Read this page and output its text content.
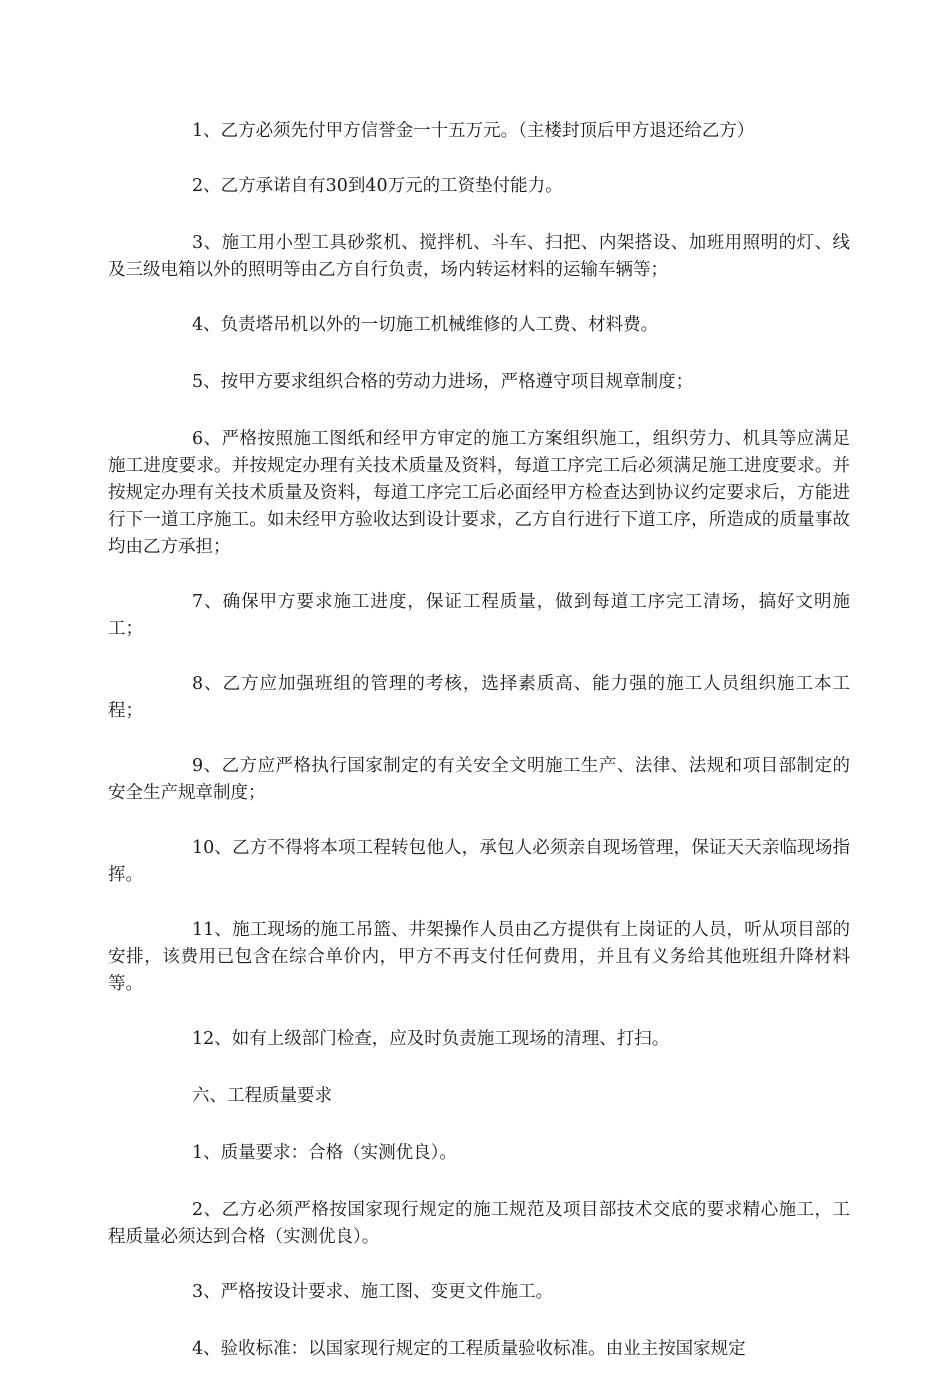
1、乙方必须先付甲方信誉金一十五万元。（主楼封顶后甲方退还给乙方）

2、乙方承诺自有30到40万元的工资垫付能力。

3、施工用小型工具砂浆机、搅拌机、斗车、扫把、内架搭设、加班用照明的灯、线及三级电箱以外的照明等由乙方自行负责，场内转运材料的运输车辆等；

4、负责塔吊机以外的一切施工机械维修的人工费、材料费。

5、按甲方要求组织合格的劳动力进场，严格遵守项目规章制度；

6、严格按照施工图纸和经甲方审定的施工方案组织施工，组织劳力、机具等应满足施工进度要求。并按规定办理有关技术质量及资料，每道工序完工后必须满足施工进度要求。并按规定办理有关技术质量及资料，每道工序完工后必面经甲方检查达到协议约定要求后，方能进行下一道工序施工。如未经甲方验收达到设计要求，乙方自行进行下道工序，所造成的质量事故均由乙方承担；

7、确保甲方要求施工进度，保证工程质量，做到每道工序完工清场，搞好文明施工；

8、乙方应加强班组的管理的考核，选择素质高、能力强的施工人员组织施工本工程；

9、乙方应严格执行国家制定的有关安全文明施工生产、法律、法规和项目部制定的安全生产规章制度；

10、乙方不得将本项工程转包他人，承包人必须亲自现场管理，保证天天亲临现场指挥。

11、施工现场的施工吊篮、井架操作人员由乙方提供有上岗证的人员，听从项目部的安排，该费用已包含在综合单价内，甲方不再支付任何费用，并且有义务给其他班组升降材料等。

12、如有上级部门检查，应及时负责施工现场的清理、打扫。

六、工程质量要求

1、质量要求：合格（实测优良）。

2、乙方必须严格按国家现行规定的施工规范及项目部技术交底的要求精心施工，工程质量必须达到合格（实测优良）。

3、严格按设计要求、施工图、变更文件施工。

4、验收标准：以国家现行规定的工程质量验收标准。由业主按国家规定
